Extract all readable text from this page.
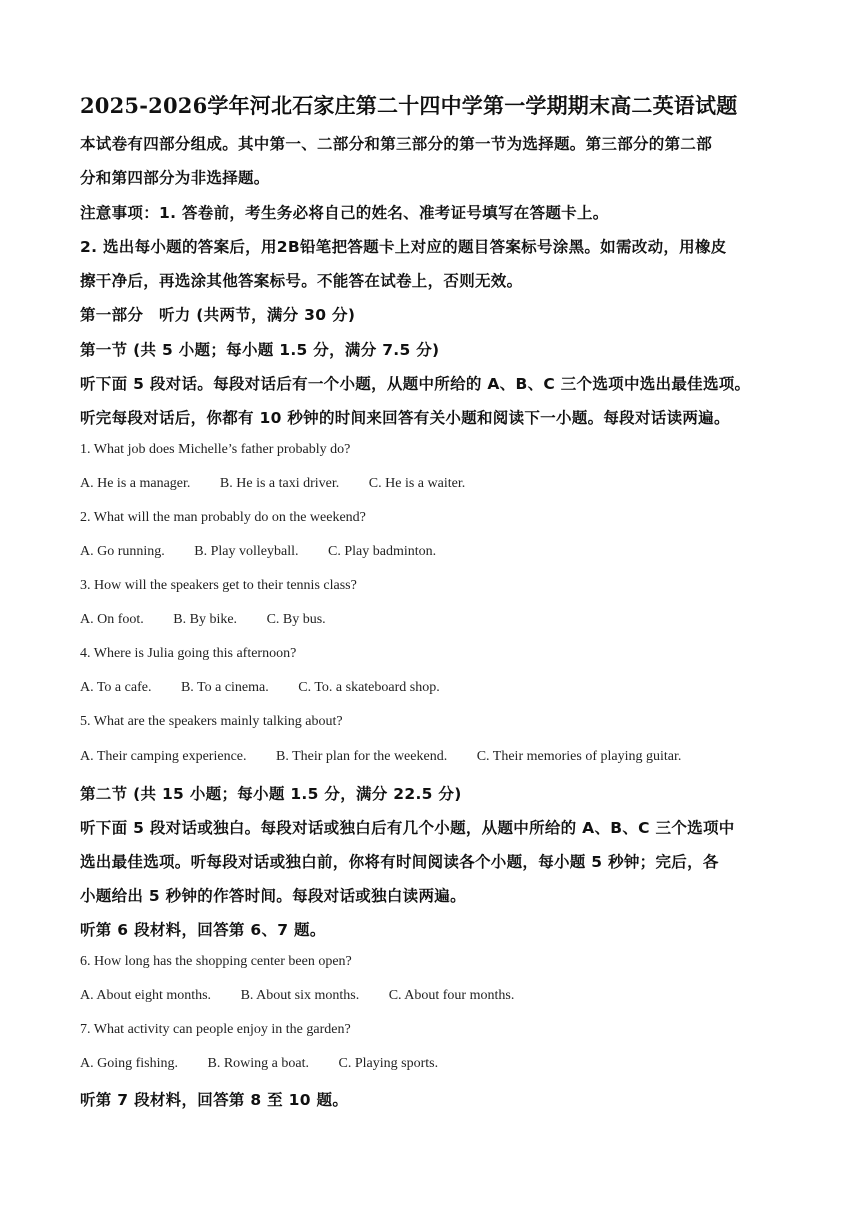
2025-2026学年河北石家庄第二十四中学第一学期期末高二英语试题
本试卷有四部分组成。其中第一、二部分和第三部分的第一节为选择题。第三部分的第二部
分和第四部分为非选择题。
注意事项：1. 答卷前，考生务必将自己的姓名、准考证号填写在答题卡上。
2. 选出每小题的答案后，用2B铅笔把答题卡上对应的题目答案标号涂黑。如需改动，用橡皮
擦干净后，再选涂其他答案标号。不能答在试卷上，否则无效。
第一部分　听力 (共两节，满分 30 分)
第一节 (共 5 小题；每小题 1.5 分，满分 7.5 分)
听下面 5 段对话。每段对话后有一个小题，从题中所给的 A、B、C 三个选项中选出最佳选项。
听完每段对话后，你都有 10 秒钟的时间来回答有关小题和阅读下一小题。每段对话读两遍。
1. What job does Michelle’s father probably do?
A. He is a manager. B. He is a taxi driver. C. He is a waiter.
2. What will the man probably do on the weekend?
A. Go running. B. Play volleyball. C. Play badminton.
3. How will the speakers get to their tennis class?
A. On foot. B. By bike. C. By bus.
4. Where is Julia going this afternoon?
A. To a cafe. B. To a cinema. C. To. a skateboard shop.
5. What are the speakers mainly talking about?
A. Their camping experience. B. Their plan for the weekend. C. Their memories of playing guitar.
第二节 (共 15 小题；每小题 1.5 分，满分 22.5 分)
听下面 5 段对话或独白。每段对话或独白后有几个小题，从题中所给的 A、B、C 三个选项中
选出最佳选项。听每段对话或独白前，你将有时间阅读各个小题，每小题 5 秒钟；完后，各
小题给出 5 秒钟的作答时间。每段对话或独白读两遍。
听第 6 段材料，回答第 6、7 题。
6. How long has the shopping center been open?
A. About eight months. B. About six months. C. About four months.
7. What activity can people enjoy in the garden?
A. Going fishing. B. Rowing a boat. C. Playing sports.
听第 7 段材料，回答第 8 至 10 题。
